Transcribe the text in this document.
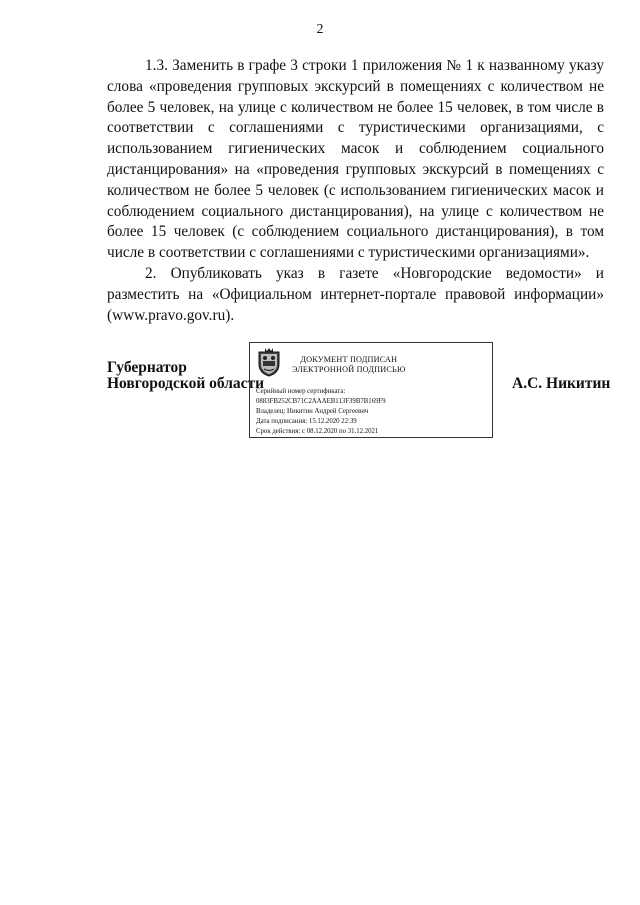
2

1.3. Заменить в графе 3 строки 1 приложения № 1 к названному указу слова «проведения групповых экскурсий в помещениях с количеством не более 5 человек, на улице с количеством не более 15 человек, в том числе в соответствии с соглашениями с туристическими организациями, с использованием гигиенических масок и соблюдением социального дистанцирования» на «проведения групповых экскурсий в помещениях с количеством не более 5 человек (с использованием гигиенических масок и соблюдением социального дистанцирования), на улице с количеством не более 15 человек (с соблюдением социального дистанцирования), в том числе в соответствии с соглашениями с туристическими организациями».

2. Опубликовать указ в газете «Новгородские ведомости» и разместить на «Официальном интернет-портале правовой информации» (www.pravo.gov.ru).

Губернатор
Новгородской области
ДОКУМЕНТ ПОДПИСАН
ЭЛЕКТРОННОЙ ПОДПИСЬЮ
Серийный номер сертификата:
0883FB252CB71C2AAAEB113F39B7B169F9
Владелец: Никитин Андрей Сергеевич
Дата подписания: 15.12.2020 22:39
Срок действия: с 08.12.2020 по 31.12.2021
А.С. Никитин
